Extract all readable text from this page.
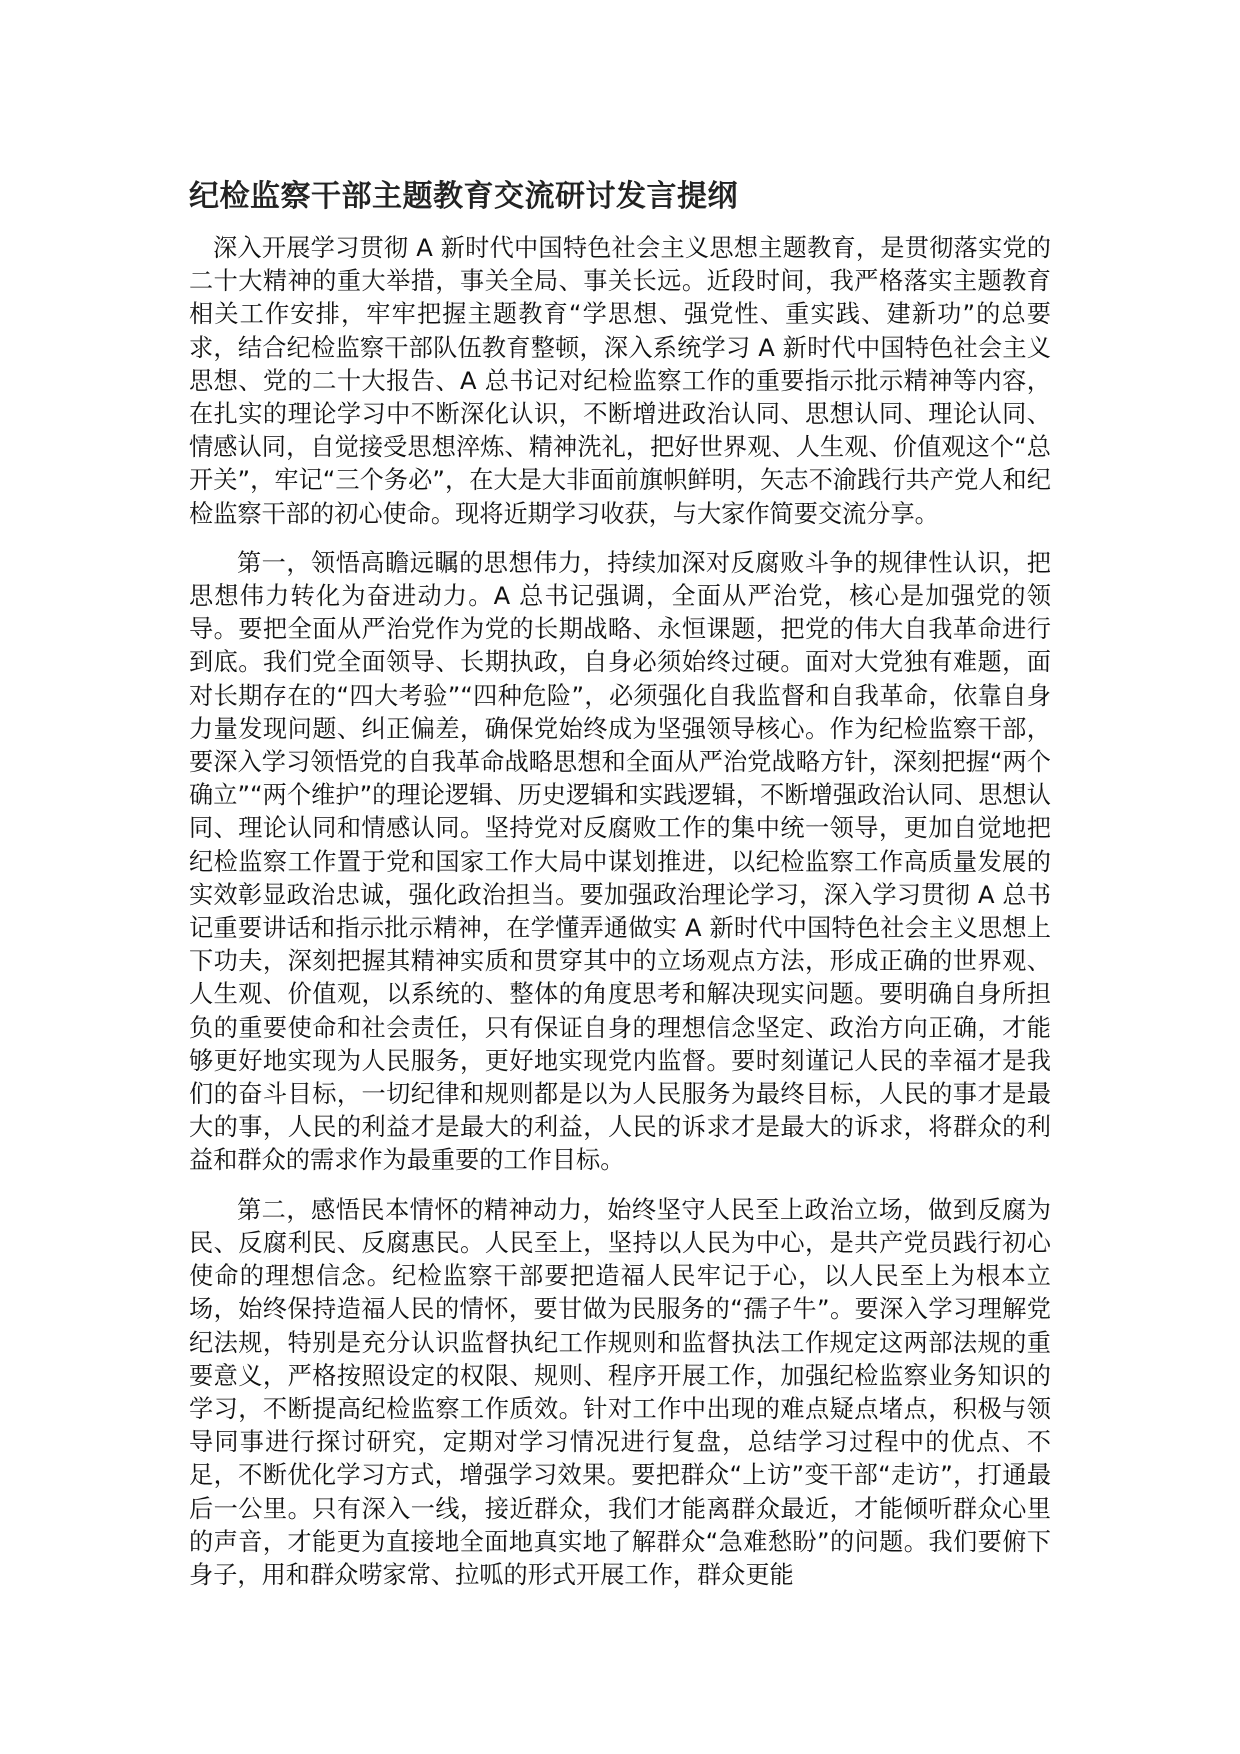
纪检监察干部主题教育交流研讨发言提纲

深入开展学习贯彻 A 新时代中国特色社会主义思想主题教育，是贯彻落实党的二十大精神的重大举措，事关全局、事关长远。近段时间，我严格落实主题教育相关工作安排，牢牢把握主题教育“学思想、强党性、重实践、建新功”的总要求，结合纪检监察干部队伍教育整顿，深入系统学习 A 新时代中国特色社会主义思想、党的二十大报告、A 总书记对纪检监察工作的重要指示批示精神等内容，在扎实的理论学习中不断深化认识，不断增进政治认同、思想认同、理论认同、情感认同，自觉接受思想淬炼、精神洗礼，把好世界观、人生观、价值观这个“总开关”，牢记“三个务必”，在大是大非面前旗帜鲜明，矢志不渝践行共产党人和纪检监察干部的初心使命。现将近期学习收获，与大家作简要交流分享。

第一，领悟高瞻远瞩的思想伟力，持续加深对反腐败斗争的规律性认识，把思想伟力转化为奋进动力。A 总书记强调，全面从严治党，核心是加强党的领导。要把全面从严治党作为党的长期战略、永恒课题，把党的伟大自我革命进行到底。我们党全面领导、长期执政，自身必须始终过硬。面对大党独有难题，面对长期存在的“四大考验”“四种危险”，必须强化自我监督和自我革命，依靠自身力量发现问题、纠正偏差，确保党始终成为坚强领导核心。作为纪检监察干部，要深入学习领悟党的自我革命战略思想和全面从严治党战略方针，深刻把握“两个确立”“两个维护”的理论逻辑、历史逻辑和实践逻辑，不断增强政治认同、思想认同、理论认同和情感认同。坚持党对反腐败工作的集中统一领导，更加自觉地把纪检监察工作置于党和国家工作大局中谋划推进，以纪检监察工作高质量发展的实效彰显政治忠诚，强化政治担当。要加强政治理论学习，深入学习贯彻 A 总书记重要讲话和指示批示精神，在学懂弄通做实 A 新时代中国特色社会主义思想上下功夫，深刻把握其精神实质和贯穿其中的立场观点方法，形成正确的世界观、人生观、价值观，以系统的、整体的角度思考和解决现实问题。要明确自身所担负的重要使命和社会责任，只有保证自身的理想信念坚定、政治方向正确，才能够更好地实现为人民服务，更好地实现党内监督。要时刻谨记人民的幸福才是我们的奋斗目标，一切纪律和规则都是以为人民服务为最终目标，人民的事才是最大的事，人民的利益才是最大的利益，人民的诉求才是最大的诉求，将群众的利益和群众的需求作为最重要的工作目标。

第二，感悟民本情怀的精神动力，始终坚守人民至上政治立场，做到反腐为民、反腐利民、反腐惠民。人民至上，坚持以人民为中心，是共产党员践行初心使命的理想信念。纪检监察干部要把造福人民牢记于心，以人民至上为根本立场，始终保持造福人民的情怀，要甘做为民服务的“孺子牛”。要深入学习理解党纪法规，特别是充分认识监督执纪工作规则和监督执法工作规定这两部法规的重要意义，严格按照设定的权限、规则、程序开展工作，加强纪检监察业务知识的学习，不断提高纪检监察工作质效。针对工作中出现的难点疑点堵点，积极与领导同事进行探讨研究，定期对学习情况进行复盘，总结学习过程中的优点、不足，不断优化学习方式，增强学习效果。要把群众“上访”变干部“走访”，打通最后一公里。只有深入一线，接近群众，我们才能离群众最近，才能倾听群众心里的声音，才能更为直接地全面地真实地了解群众“急难愁盼”的问题。我们要俯下身子，用和群众唠家常、拉呱的形式开展工作，群众更能
